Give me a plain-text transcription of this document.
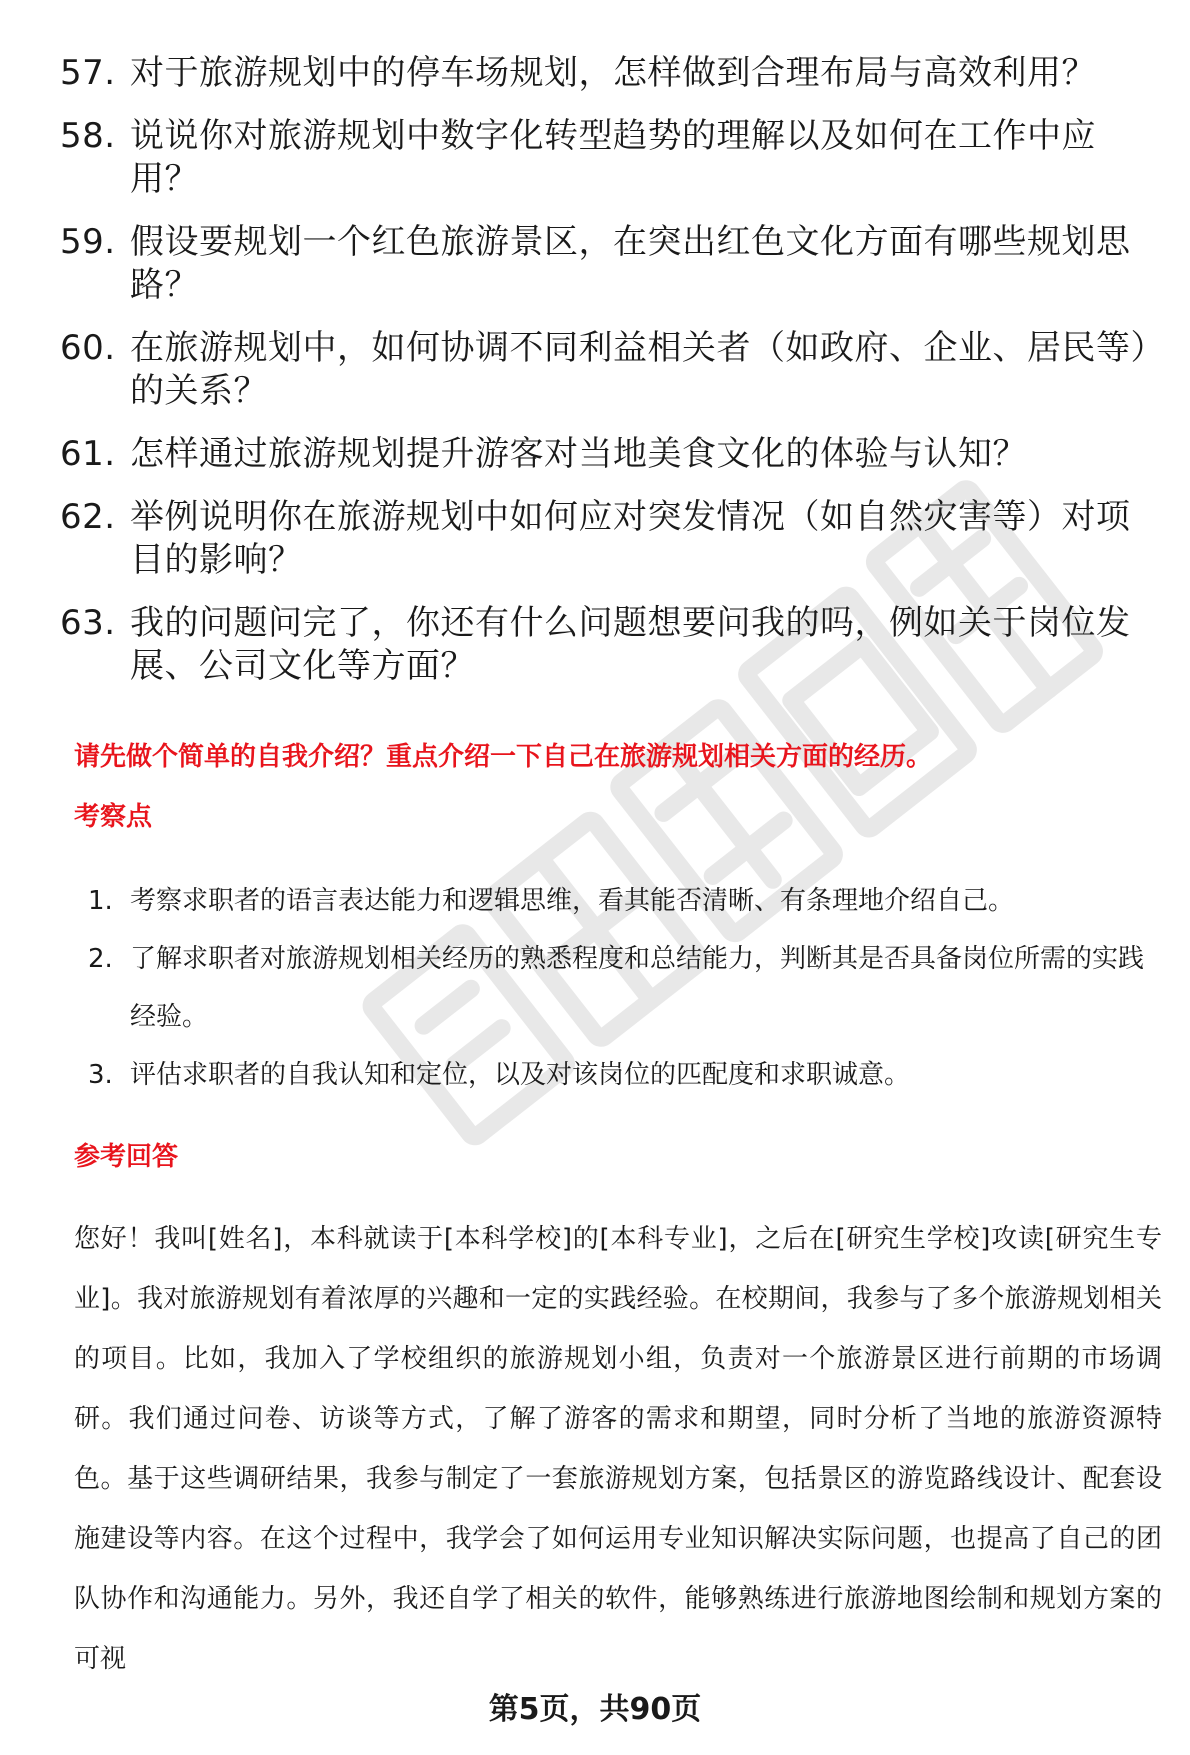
57. 对于旅游规划中的停车场规划，怎样做到合理布局与高效利用？
58. 说说你对旅游规划中数字化转型趋势的理解以及如何在工作中应用？
59. 假设要规划一个红色旅游景区，在突出红色文化方面有哪些规划思路？
60. 在旅游规划中，如何协调不同利益相关者（如政府、企业、居民等）的关系？
61. 怎样通过旅游规划提升游客对当地美食文化的体验与认知？
62. 举例说明你在旅游规划中如何应对突发情况（如自然灾害等）对项目的影响？
63. 我的问题问完了，你还有什么问题想要问我的吗，例如关于岗位发展、公司文化等方面？
请先做个简单的自我介绍？重点介绍一下自己在旅游规划相关方面的经历。
考察点
1. 考察求职者的语言表达能力和逻辑思维，看其能否清晰、有条理地介绍自己。
2. 了解求职者对旅游规划相关经历的熟悉程度和总结能力，判断其是否具备岗位所需的实践经验。
3. 评估求职者的自我认知和定位，以及对该岗位的匹配度和求职诚意。
参考回答

您好！我叫[姓名]，本科就读于[本科学校]的[本科专业]，之后在[研究生学校]攻读[研究生专业]。我对旅游规划有着浓厚的兴趣和一定的实践经验。在校期间，我参与了多个旅游规划相关的项目。比如，我加入了学校组织的旅游规划小组，负责对一个旅游景区进行前期的市场调研。我们通过问卷、访谈等方式，了解了游客的需求和期望，同时分析了当地的旅游资源特色。基于这些调研结果，我参与制定了一套旅游规划方案，包括景区的游览路线设计、配套设施建设等内容。在这个过程中，我学会了如何运用专业知识解决实际问题，也提高了自己的团队协作和沟通能力。另外，我还自学了相关的软件，能够熟练进行旅游地图绘制和规划方案的可视

第5页，共90页
